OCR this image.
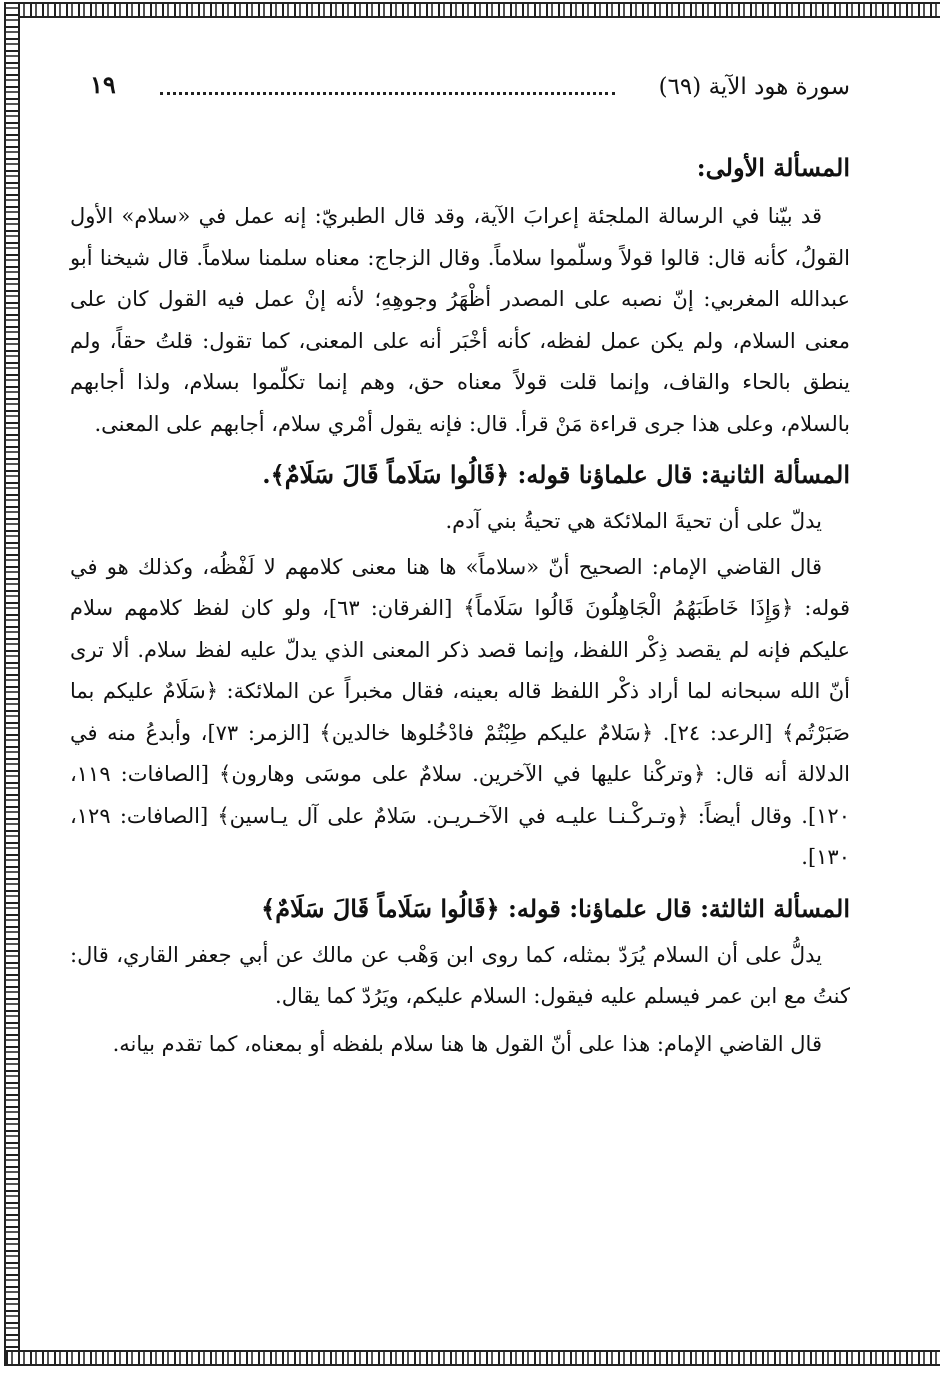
سورة هود الآية (٦٩)
١٩
المسألة الأولى:

قد بيّنا في الرسالة الملجئة إعرابَ الآية، وقد قال الطبريّ: إنه عمل في «سلام» الأول القولُ، كأنه قال: قالوا قولاً وسلّموا سلاماً. وقال الزجاج: معناه سلمنا سلاماً. قال شيخنا أبو عبدالله المغربي: إنّ نصبه على المصدر أظْهَرُ وجوهِهِ؛ لأنه إنْ عمل فيه القول كان على معنى السلام، ولم يكن عمل لفظه، كأنه أخْبَر أنه على المعنى، كما تقول: قلتُ حقاً، ولم ينطق بالحاء والقاف، وإنما قلت قولاً معناه حق، وهم إنما تكلّموا بسلام، ولذا أجابهم بالسلام، وعلى هذا جرى قراءة مَنْ قرأ. قال: فإنه يقول أمْري سلام، أجابهم على المعنى.

المسألة الثانية: قال علماؤنا قوله: ﴿قَالُوا سَلَاماً قَالَ سَلَامٌ﴾.

يدلّ على أن تحيةَ الملائكة هي تحيةُ بني آدم.

قال القاضي الإمام: الصحيح أنّ «سلاماً» ها هنا معنى كلامهم لا لَفْظُه، وكذلك هو في قوله: ﴿وَإِذَا خَاطَبَهُمُ الْجَاهِلُونَ قَالُوا سَلَاماً﴾ [الفرقان: ٦٣]، ولو كان لفظ كلامهم سلام عليكم فإنه لم يقصد ذِكْر اللفظ، وإنما قصد ذكر المعنى الذي يدلّ عليه لفظ سلام. ألا ترى أنّ الله سبحانه لما أراد ذكْر اللفظ قاله بعينه، فقال مخبراً عن الملائكة: ﴿سَلَامٌ عليكم بما صَبَرْتُم﴾ [الرعد: ٢٤]. ﴿سَلامٌ عليكم طِبْتُمْ فادْخُلوها خالدين﴾ [الزمر: ٧٣]، وأبدعُ منه في الدلالة أنه قال: ﴿وتركْنا عليها في الآخرين. سلامٌ على موسَى وهارون﴾ [الصافات: ١١٩، ١٢٠]. وقال أيضاً: ﴿وتـركْـنـا عليـه في الآخـريـن. سَلامٌ على آل يـاسين﴾ [الصافات: ١٢٩، ١٣٠].

المسألة الثالثة: قال علماؤنا: قوله: ﴿قَالُوا سَلَاماً قَالَ سَلَامٌ﴾

يدلُّ على أن السلام يُرَدّ بمثله، كما روى ابن وَهْب عن مالك عن أبي جعفر القاري، قال: كنتُ مع ابن عمر فيسلم عليه فيقول: السلام عليكم، ويَرُدّ كما يقال.

قال القاضي الإمام: هذا على أنّ القول ها هنا سلام بلفظه أو بمعناه، كما تقدم بيانه.
